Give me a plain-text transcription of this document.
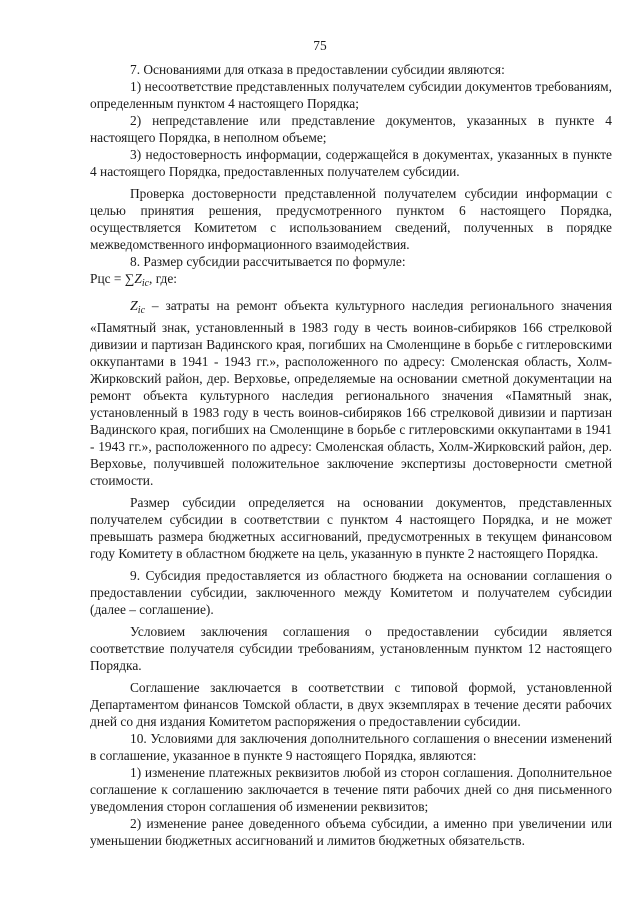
75

7. Основаниями для отказа в предоставлении субсидии являются:

1) несоответствие представленных получателем субсидии документов требованиям, определенным пунктом 4 настоящего Порядка;

2) непредставление или представление документов, указанных в пункте 4 настоящего Порядка, в неполном объеме;

3) недостоверность информации, содержащейся в документах, указанных в пункте 4 настоящего Порядка, предоставленных получателем субсидии.

Проверка достоверности представленной получателем субсидии информации с целью принятия решения, предусмотренного пунктом 6 настоящего Порядка, осуществляется Комитетом с использованием сведений, полученных в порядке межведомственного информационного взаимодействия.

8. Размер субсидии рассчитывается по формуле:

Рцс = $\sum Z_{iс}$, где:

$Z_{iс}$ – затраты на ремонт объекта культурного наследия регионального значения «Памятный знак, установленный в 1983 году в честь воинов-сибиряков 166 стрелковой дивизии и партизан Вадинского края, погибших на Смоленщине в борьбе с гитлеровскими оккупантами в 1941 - 1943 гг.», расположенного по адресу: Смоленская область, Холм-Жирковский район, дер. Верховье, определяемые на основании сметной документации на ремонт объекта культурного наследия регионального значения «Памятный знак, установленный в 1983 году в честь воинов-сибиряков 166 стрелковой дивизии и партизан Вадинского края, погибших на Смоленщине в борьбе с гитлеровскими оккупантами в 1941 - 1943 гг.», расположенного по адресу: Смоленская область, Холм-Жирковский район, дер. Верховье, получившей положительное заключение экспертизы достоверности сметной стоимости.

Размер субсидии определяется на основании документов, представленных получателем субсидии в соответствии с пунктом 4 настоящего Порядка, и не может превышать размера бюджетных ассигнований, предусмотренных в текущем финансовом году Комитету в областном бюджете на цель, указанную в пункте 2 настоящего Порядка.

9. Субсидия предоставляется из областного бюджета на основании соглашения о предоставлении субсидии, заключенного между Комитетом и получателем субсидии (далее – соглашение).

Условием заключения соглашения о предоставлении субсидии является соответствие получателя субсидии требованиям, установленным пунктом 12 настоящего Порядка.

Соглашение заключается в соответствии с типовой формой, установленной Департаментом финансов Томской области, в двух экземплярах в течение десяти рабочих дней со дня издания Комитетом распоряжения о предоставлении субсидии.

10. Условиями для заключения дополнительного соглашения о внесении изменений в соглашение, указанное в пункте 9 настоящего Порядка, являются:

1) изменение платежных реквизитов любой из сторон соглашения. Дополнительное соглашение к соглашению заключается в течение пяти рабочих дней со дня письменного уведомления сторон соглашения об изменении реквизитов;

2) изменение ранее доведенного объема субсидии, а именно при увеличении или уменьшении бюджетных ассигнований и лимитов бюджетных обязательств.
